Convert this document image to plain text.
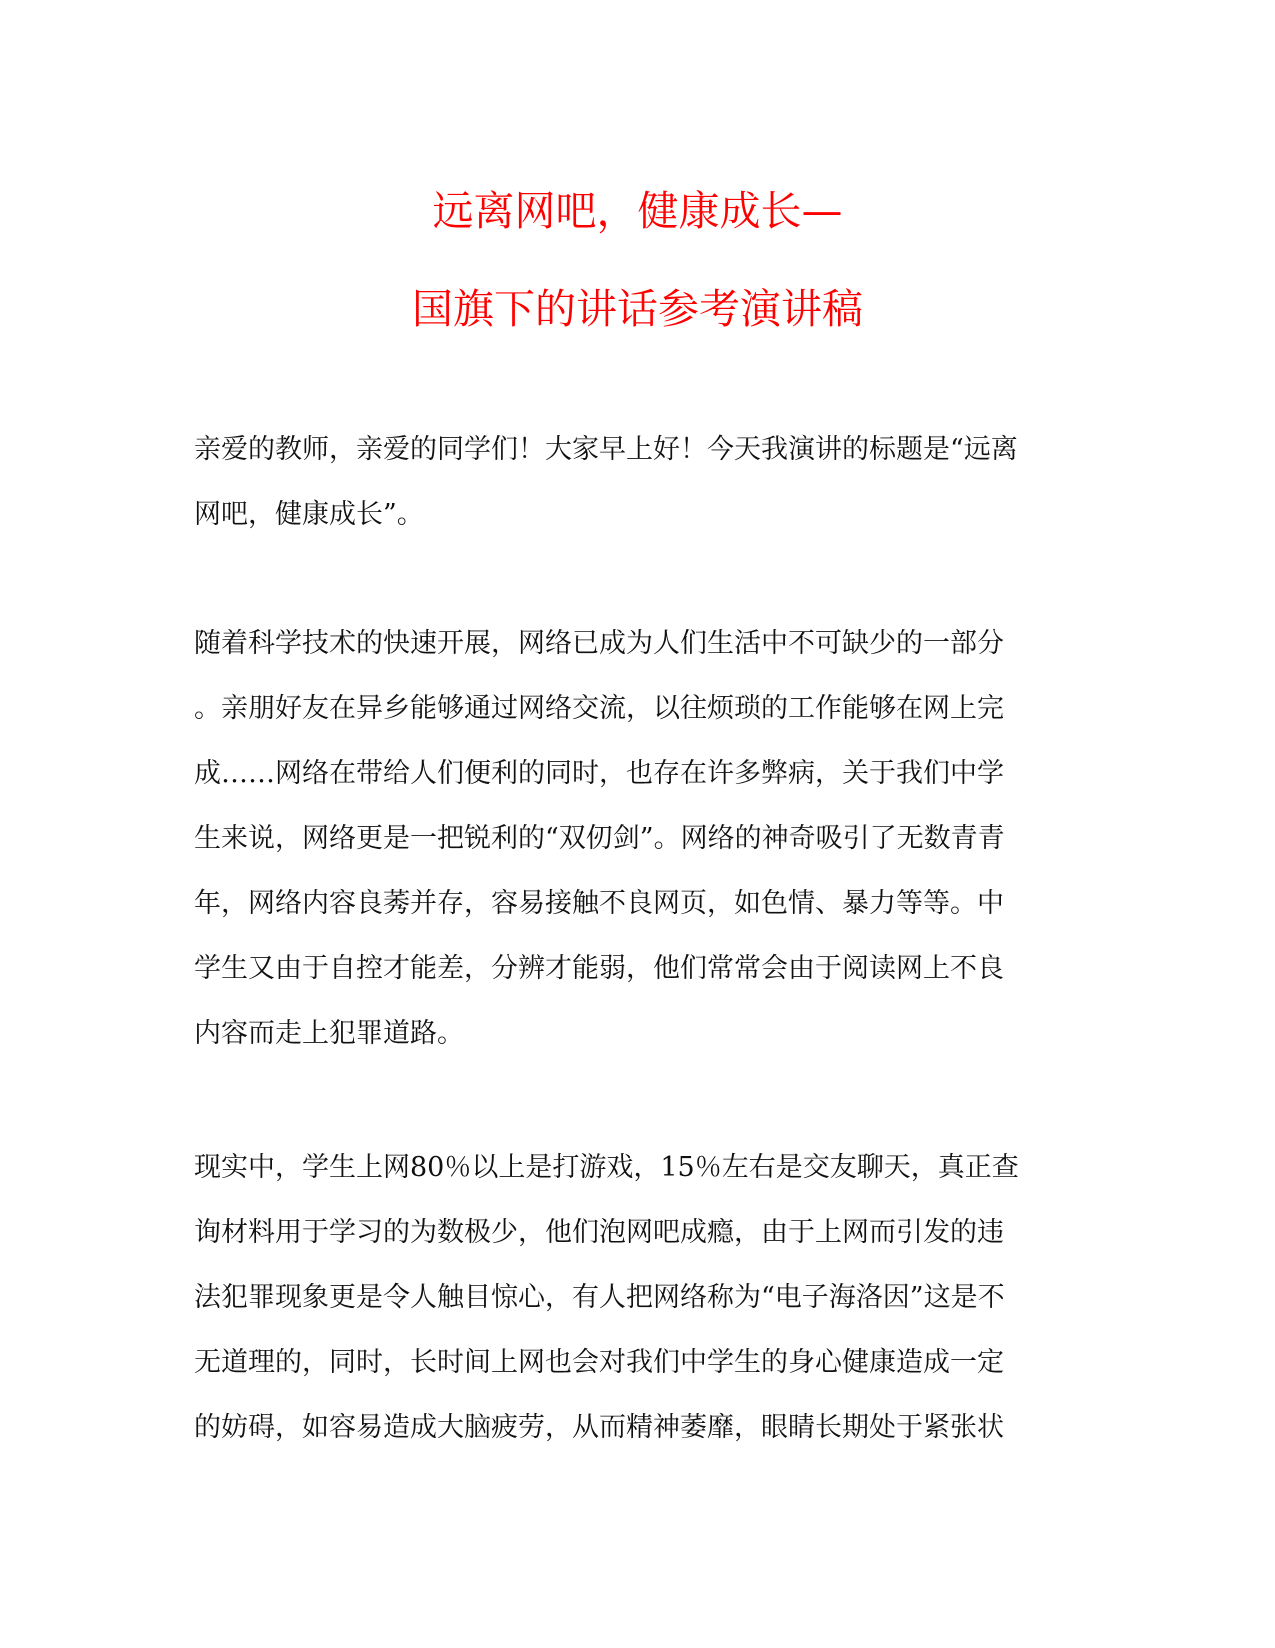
远离网吧，健康成长—
国旗下的讲话参考演讲稿
亲爱的教师，亲爱的同学们！大家早上好！今天我演讲的标题是“远离
网吧，健康成长”。
随着科学技术的快速开展，网络已成为人们生活中不可缺少的一部分
。亲朋好友在异乡能够通过网络交流，以往烦琐的工作能够在网上完
成……网络在带给人们便利的同时，也存在许多弊病，关于我们中学
生来说，网络更是一把锐利的“双仞剑”。网络的神奇吸引了无数青青
年，网络内容良莠并存，容易接触不良网页，如色情、暴力等等。中
学生又由于自控才能差，分辨才能弱，他们常常会由于阅读网上不良
内容而走上犯罪道路。
现实中，学生上网80％以上是打游戏，15％左右是交友聊天，真正查
询材料用于学习的为数极少，他们泡网吧成瘾，由于上网而引发的违
法犯罪现象更是令人触目惊心，有人把网络称为“电子海洛因”这是不
无道理的，同时，长时间上网也会对我们中学生的身心健康造成一定
的妨碍，如容易造成大脑疲劳，从而精神萎靡，眼睛长期处于紧张状
